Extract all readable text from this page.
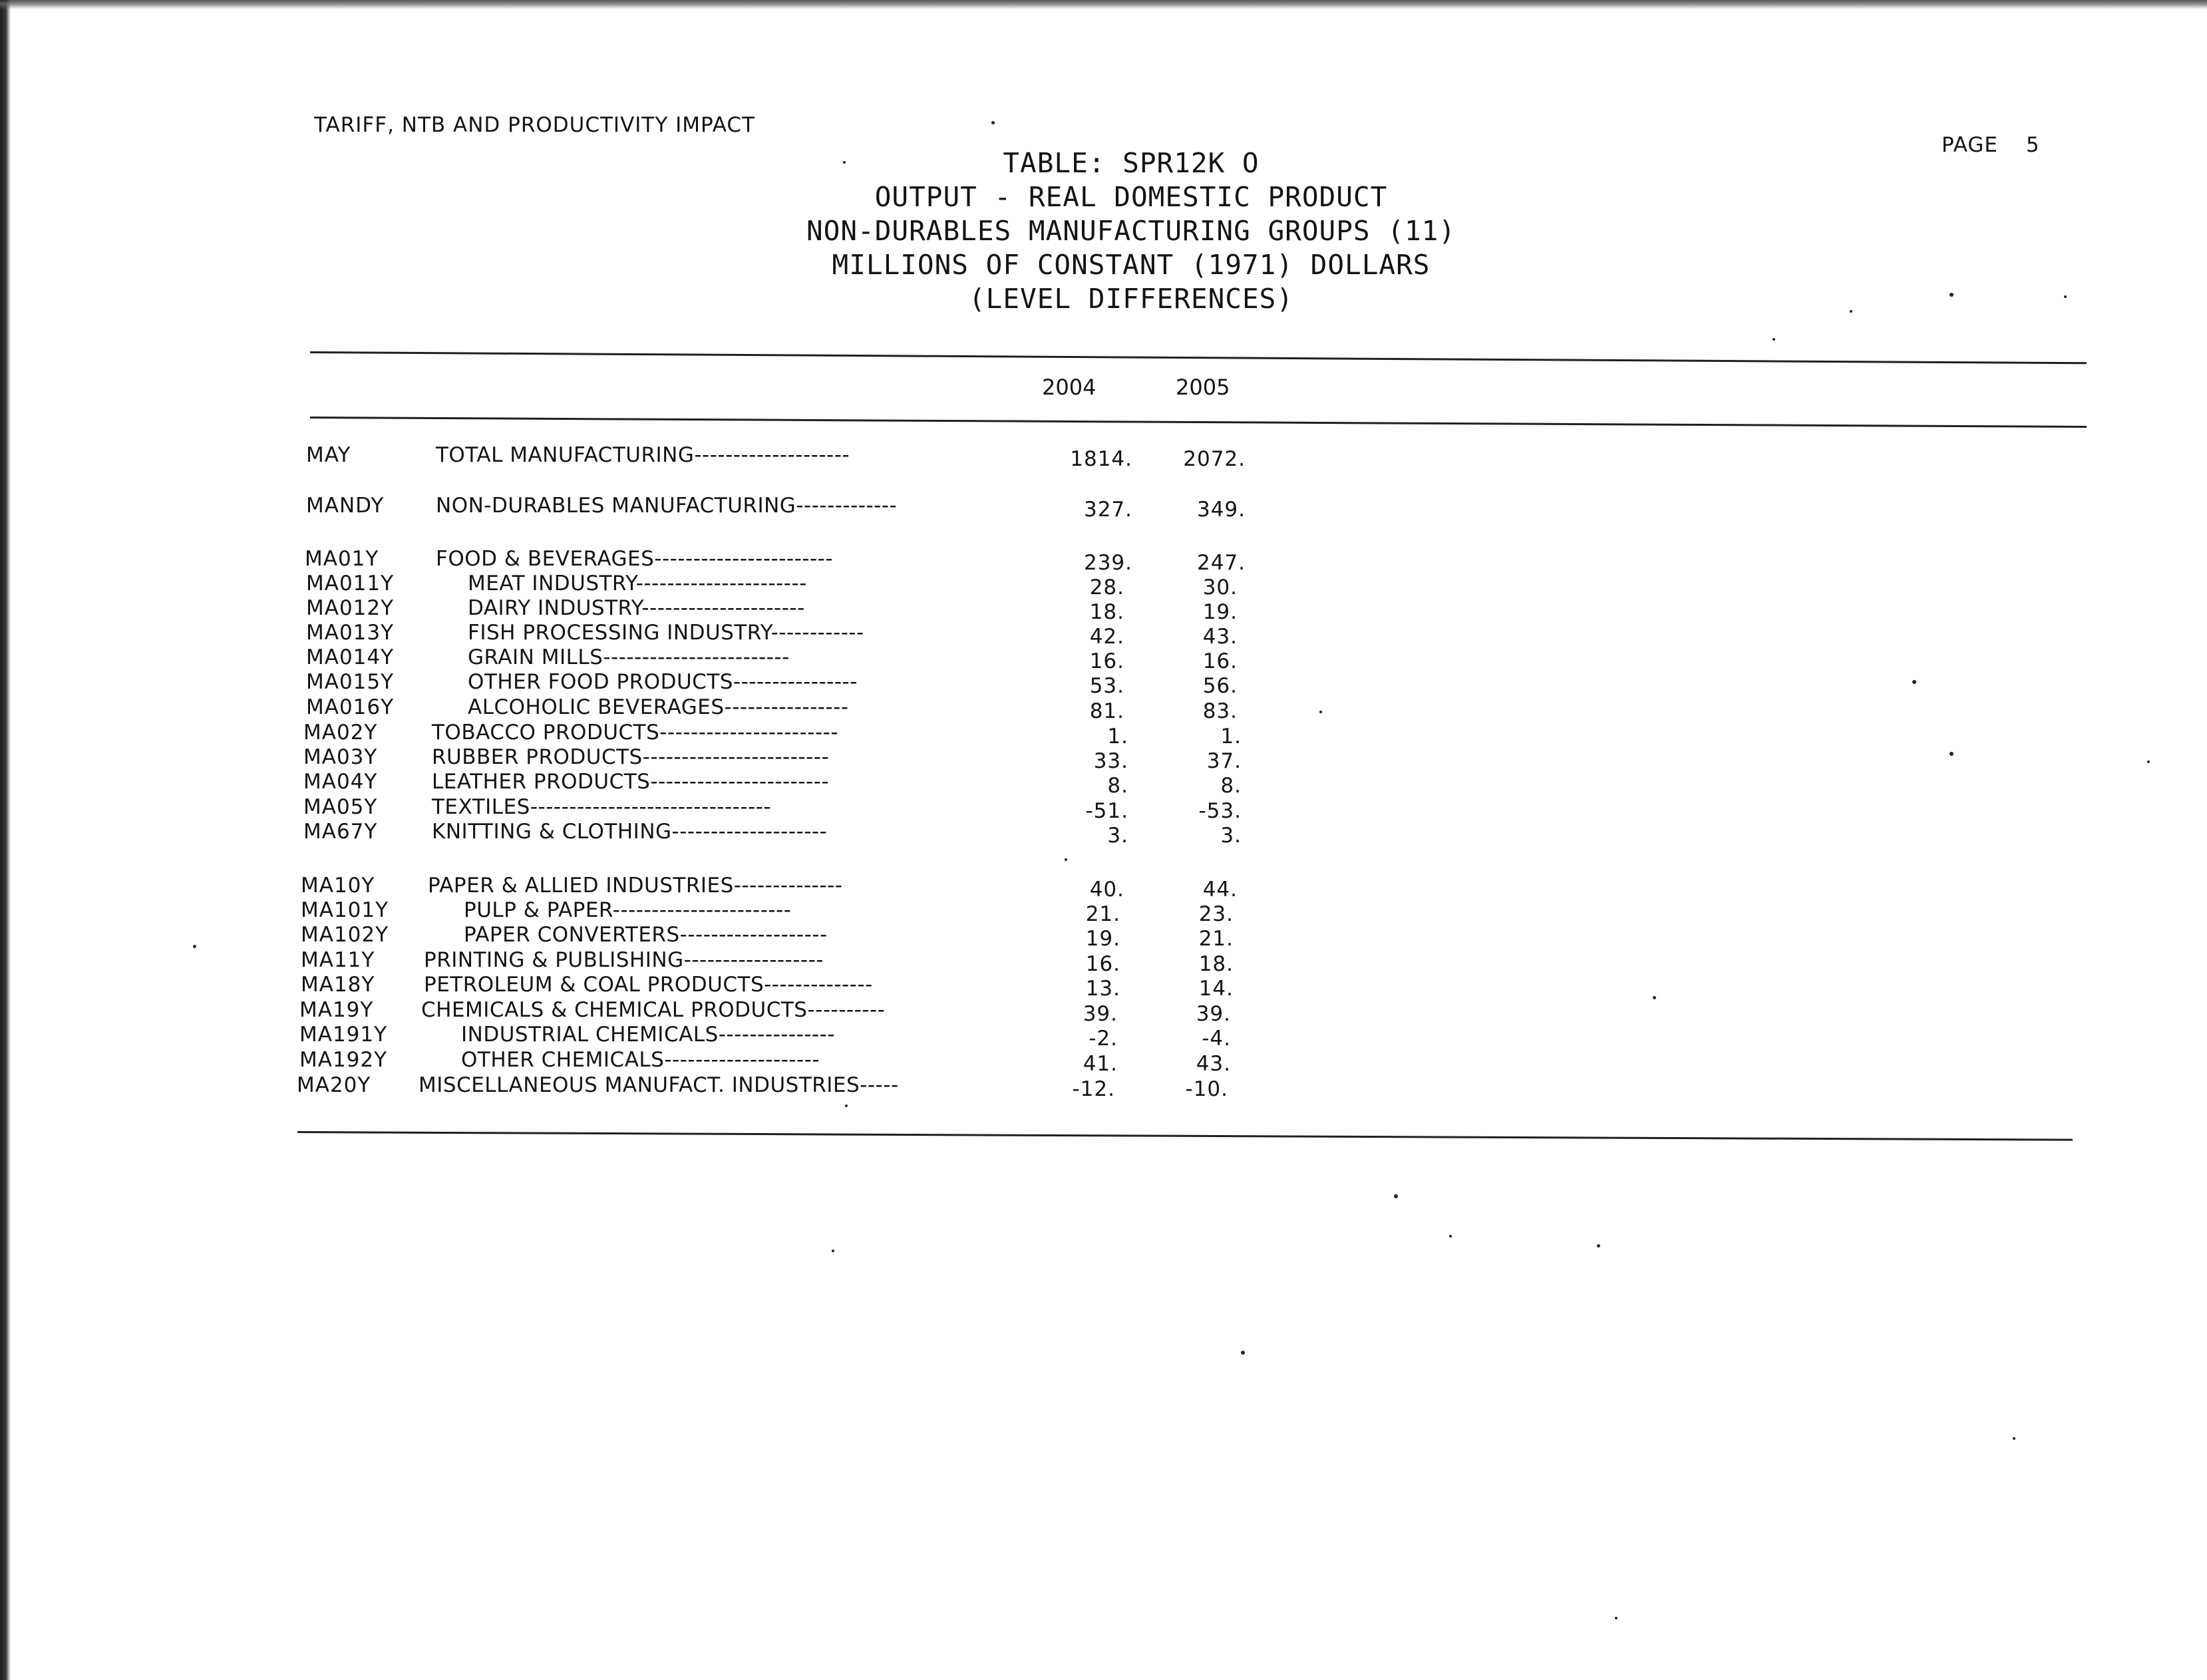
TARIFF, NTB AND PRODUCTIVITY IMPACT
PAGE 5
TABLE: SPR12K O
OUTPUT - REAL DOMESTIC PRODUCT
NON-DURABLES MANUFACTURING GROUPS (11)
MILLIONS OF CONSTANT (1971) DOLLARS
(LEVEL DIFFERENCES)
2004	2005
MAY	TOTAL MANUFACTURING--------------------	1814.	2072.
MANDY	NON-DURABLES MANUFACTURING-------------	327.	349.
MA01Y	FOOD & BEVERAGES-----------------------	239.	247.
MA011Y	MEAT INDUSTRY----------------------	28.	30.
MA012Y	DAIRY INDUSTRY---------------------	18.	19.
MA013Y	FISH PROCESSING INDUSTRY------------	42.	43.
MA014Y	GRAIN MILLS------------------------	16.	16.
MA015Y	OTHER FOOD PRODUCTS----------------	53.	56.
MA016Y	ALCOHOLIC BEVERAGES----------------	81.	83.
MA02Y	TOBACCO PRODUCTS-----------------------	1.	1.
MA03Y	RUBBER PRODUCTS------------------------	33.	37.
MA04Y	LEATHER PRODUCTS-----------------------	8.	8.
MA05Y	TEXTILES-------------------------------	-51.	-53.
MA67Y	KNITTING & CLOTHING--------------------	3.	3.
MA10Y	PAPER & ALLIED INDUSTRIES--------------	40.	44.
MA101Y	PULP & PAPER-----------------------	21.	23.
MA102Y	PAPER CONVERTERS-------------------	19.	21.
MA11Y PRINTING & PUBLISHING------------------	16.	18.
MA18Y PETROLEUM & COAL PRODUCTS--------------	13.	14.
MA19Y CHEMICALS & CHEMICAL PRODUCTS----------	39.	39.
MA191Y	INDUSTRIAL CHEMICALS---------------	-2.	-4.
MA192Y	OTHER CHEMICALS--------------------	41.	43.
MA20Y MISCELLANEOUS MANUFACT. INDUSTRIES-----	-12.	-10.
